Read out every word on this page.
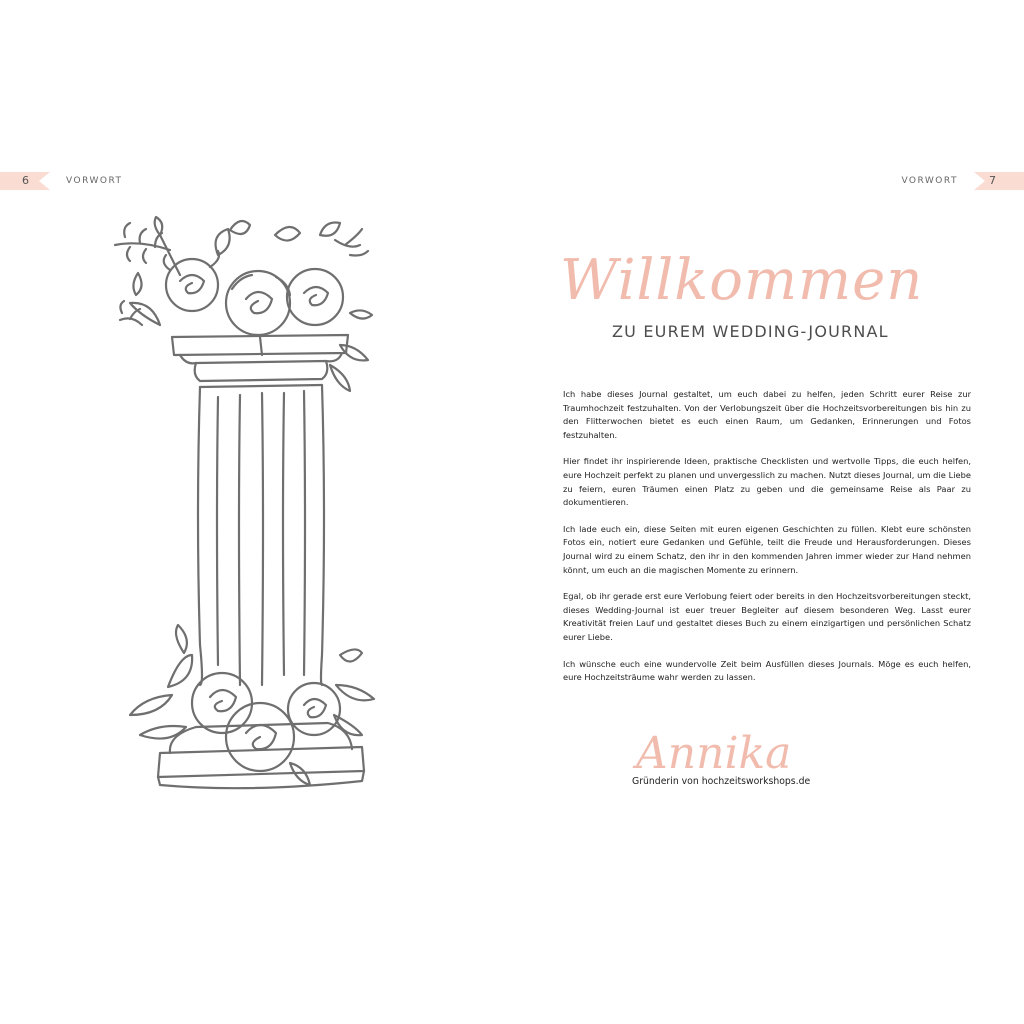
6	VORWORT	7
VORWORT
Willkommen
ZU EUREM WEDDING-JOURNAL

Ich habe dieses Journal gestaltet, um euch dabei zu helfen, jeden Schritt eurer Reise zur Traumhochzeit festzuhalten. Von der Verlobungszeit über die Hochzeitsvorbereitungen bis hin zu den Flitterwochen bietet es euch einen Raum, um Gedanken, Erinnerungen und Fotos festzuhalten.

Hier findet ihr inspirierende Ideen, praktische Checklisten und wertvolle Tipps, die euch helfen, eure Hochzeit perfekt zu planen und unvergesslich zu machen. Nutzt dieses Journal, um die Liebe zu feiern, euren Träumen einen Platz zu geben und die gemeinsame Reise als Paar zu dokumentieren.

Ich lade euch ein, diese Seiten mit euren eigenen Geschichten zu füllen. Klebt eure schönsten Fotos ein, notiert eure Gedanken und Gefühle, teilt die Freude und Herausforderungen. Dieses Journal wird zu einem Schatz, den ihr in den kommenden Jahren immer wieder zur Hand nehmen könnt, um euch an die magischen Momente zu erinnern.

Egal, ob ihr gerade erst eure Verlobung feiert oder bereits in den Hochzeitsvorbereitungen steckt, dieses Wedding-Journal ist euer treuer Begleiter auf diesem besonderen Weg. Lasst eurer Kreativität freien Lauf und gestaltet dieses Buch zu einem einzigartigen und persönlichen Schatz eurer Liebe.

Ich wünsche euch eine wundervolle Zeit beim Ausfüllen dieses Journals. Möge es euch helfen, eure Hochzeitsträume wahr werden zu lassen.

Annika
Gründerin von hochzeitsworkshops.de
